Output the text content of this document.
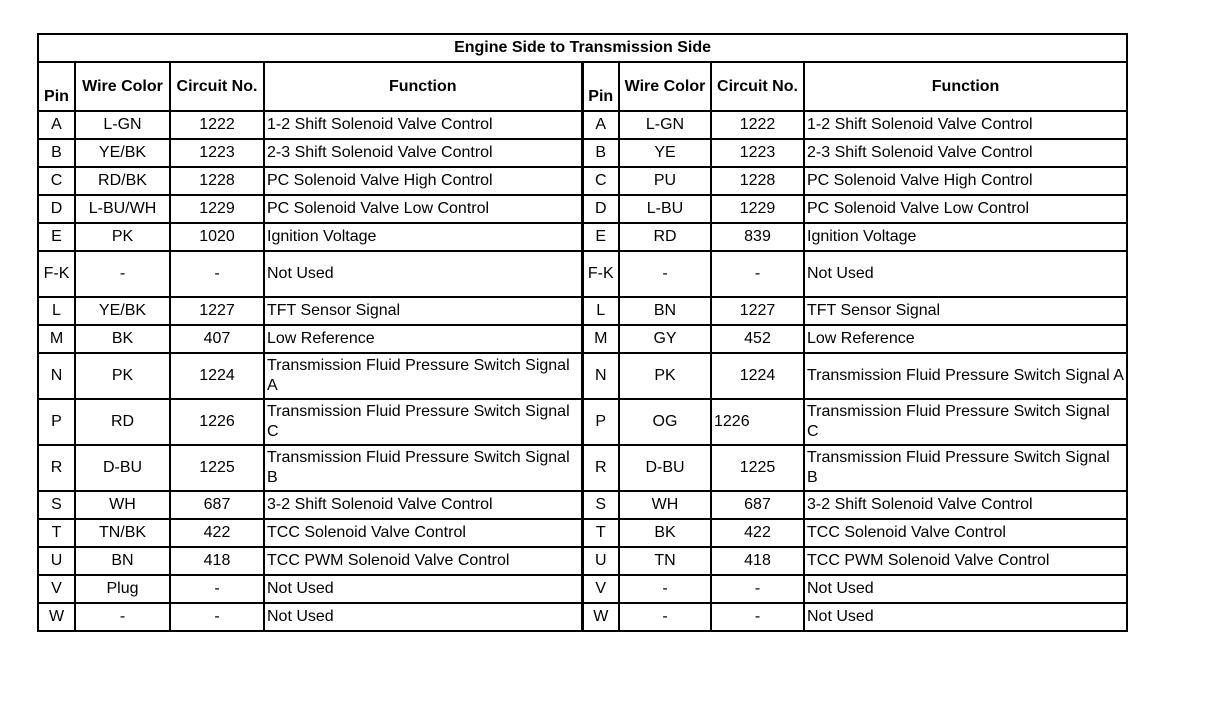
Engine Side to Transmission Side							
Pin	Wire Color	Circuit No.	Function	Pin	Wire Color	Circuit No.	Function
A	L-GN	1222	1-2 Shift Solenoid Valve Control	A	L-GN	1222	1-2 Shift Solenoid Valve Control
B	YE/BK	1223	2-3 Shift Solenoid Valve Control	B	YE	1223	2-3 Shift Solenoid Valve Control
C	RD/BK	1228	PC Solenoid Valve High Control	C	PU	1228	PC Solenoid Valve High Control
D	L-BU/WH	1229	PC Solenoid Valve Low Control	D	L-BU	1229	PC Solenoid Valve Low Control
E	PK	1020	Ignition Voltage	E	RD	839	Ignition Voltage
F-K	-	-	Not Used	F-K	-	-	Not Used
L	YE/BK	1227	TFT Sensor Signal	L	BN	1227	TFT Sensor Signal
M	BK	407	Low Reference	M	GY	452	Low Reference
N	PK	1224	Transmission Fluid Pressure Switch Signal A	N	PK	1224	Transmission Fluid Pressure Switch Signal A
P	RD	1226	Transmission Fluid Pressure Switch Signal C	P	OG	1226	Transmission Fluid Pressure Switch Signal C
R	D-BU	1225	Transmission Fluid Pressure Switch Signal B	R	D-BU	1225	Transmission Fluid Pressure Switch Signal B
S	WH	687	3-2 Shift Solenoid Valve Control	S	WH	687	3-2 Shift Solenoid Valve Control
T	TN/BK	422	TCC Solenoid Valve Control	T	BK	422	TCC Solenoid Valve Control
U	BN	418	TCC PWM Solenoid Valve Control	U	TN	418	TCC PWM Solenoid Valve Control
V	Plug	-	Not Used	V	-	-	Not Used
W	-	-	Not Used	W	-	-	Not Used
